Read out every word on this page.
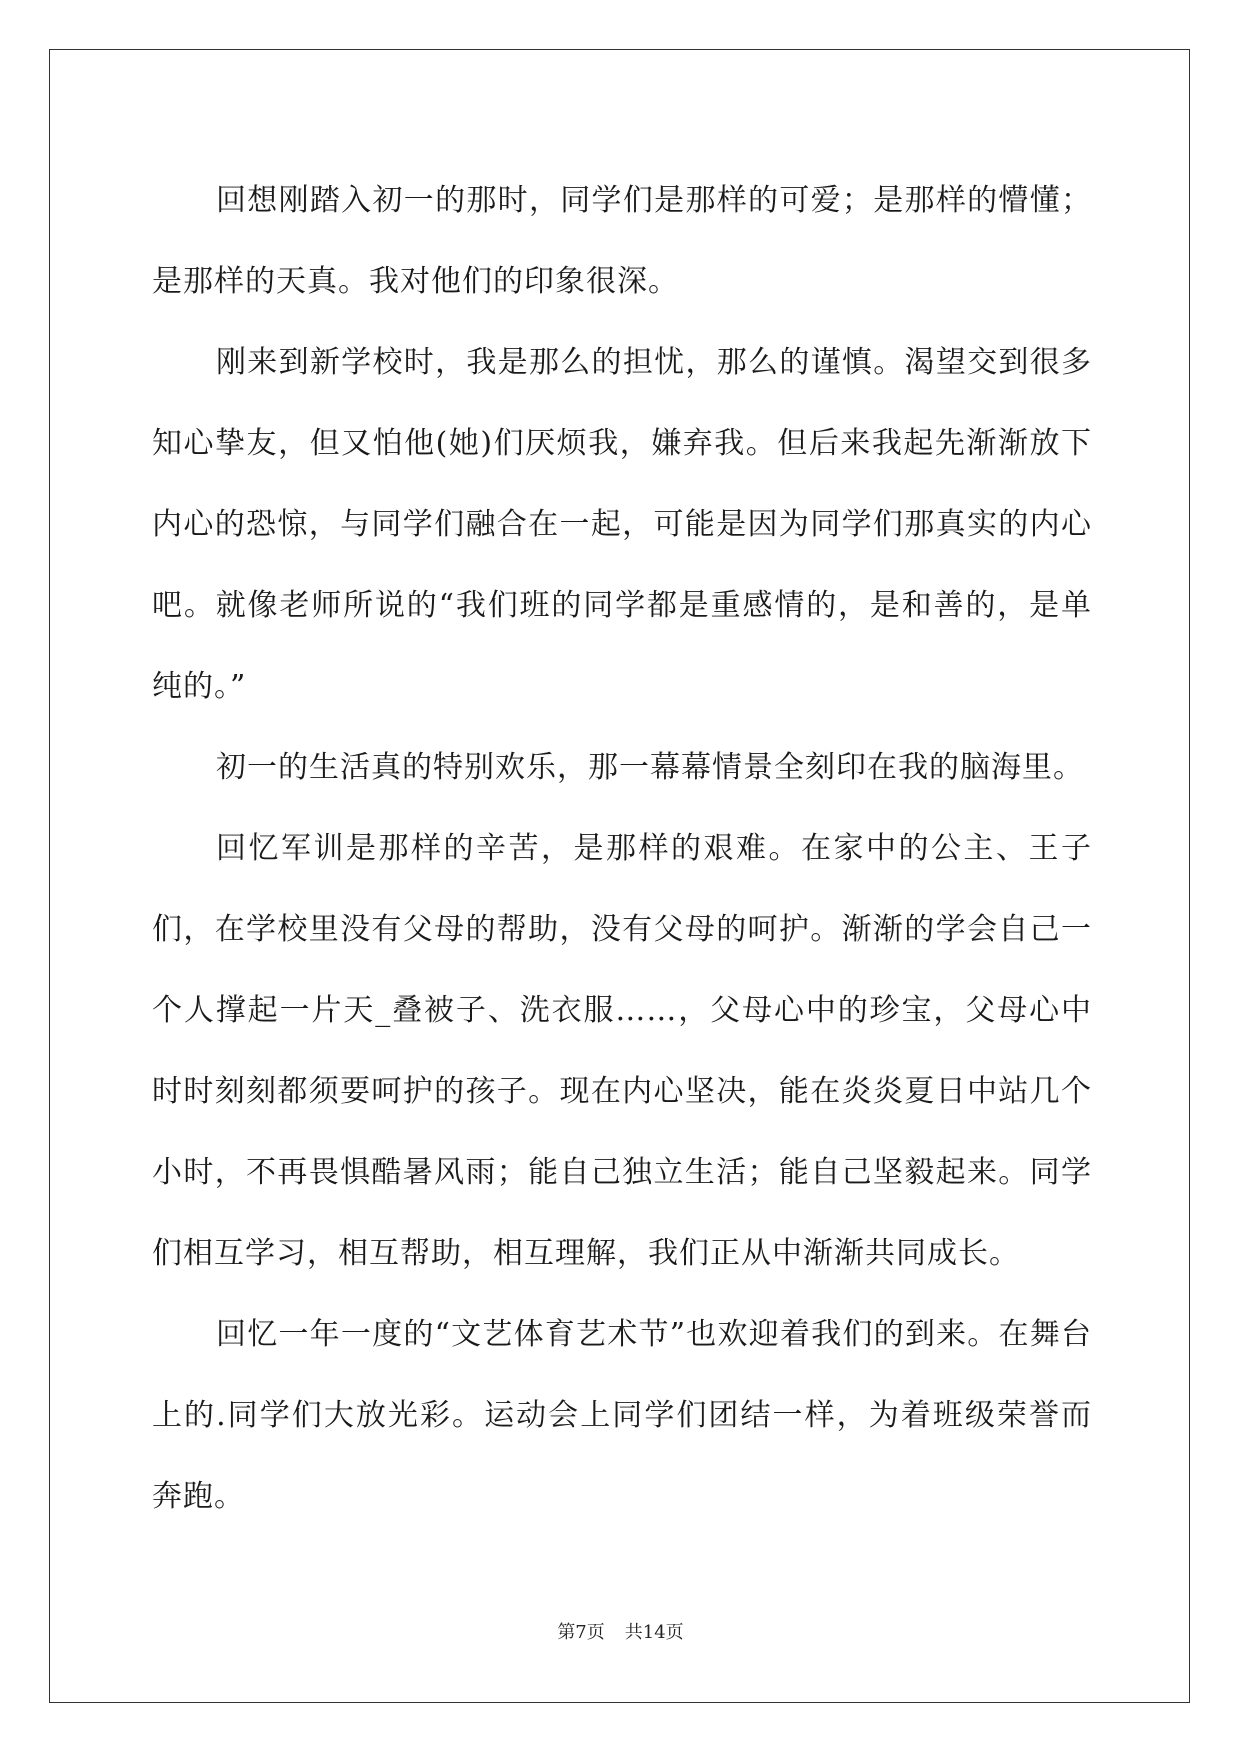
回想刚踏入初一的那时，同学们是那样的可爱；是那样的懵懂；是那样的天真。我对他们的印象很深。

刚来到新学校时，我是那么的担忧，那么的谨慎。渴望交到很多知心挚友，但又怕他(她)们厌烦我，嫌弃我。但后来我起先渐渐放下内心的恐惊，与同学们融合在一起，可能是因为同学们那真实的内心吧。就像老师所说的“我们班的同学都是重感情的，是和善的，是单纯的。”

初一的生活真的特别欢乐，那一幕幕情景全刻印在我的脑海里。

回忆军训是那样的辛苦，是那样的艰难。在家中的公主、王子们，在学校里没有父母的帮助，没有父母的呵护。渐渐的学会自己一个人撑起一片天_叠被子、洗衣服……，父母心中的珍宝，父母心中时时刻刻都须要呵护的孩子。现在内心坚决，能在炎炎夏日中站几个小时，不再畏惧酷暑风雨；能自己独立生活；能自己坚毅起来。同学们相互学习，相互帮助，相互理解，我们正从中渐渐共同成长。

回忆一年一度的“文艺体育艺术节”也欢迎着我们的到来。在舞台上的.同学们大放光彩。运动会上同学们团结一样，为着班级荣誉而奔跑。

第7页 共14页
